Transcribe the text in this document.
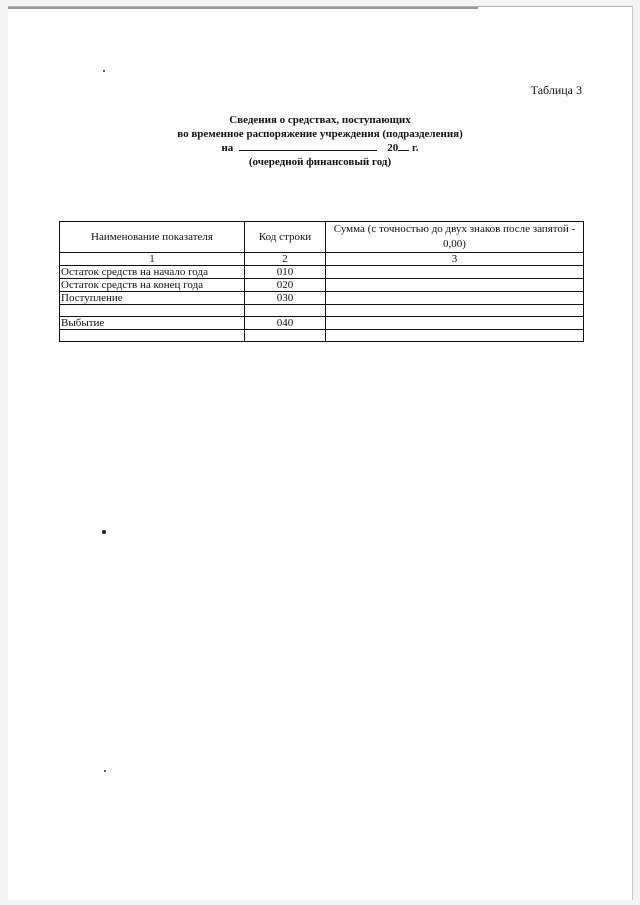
Таблица 3
Сведения о средствах, поступающих
во временное распоряжение учреждения (подразделения)
на	20 г.
(очередной финансовый год)
Наименование показателя	Код строки	Сумма (с точностью до двух знаков после запятой - 0,00)
1	2	3
Остаток средств на начало года	010	
Остаток средств на конец года	020	
Поступление	030	

Выбытие	040	
